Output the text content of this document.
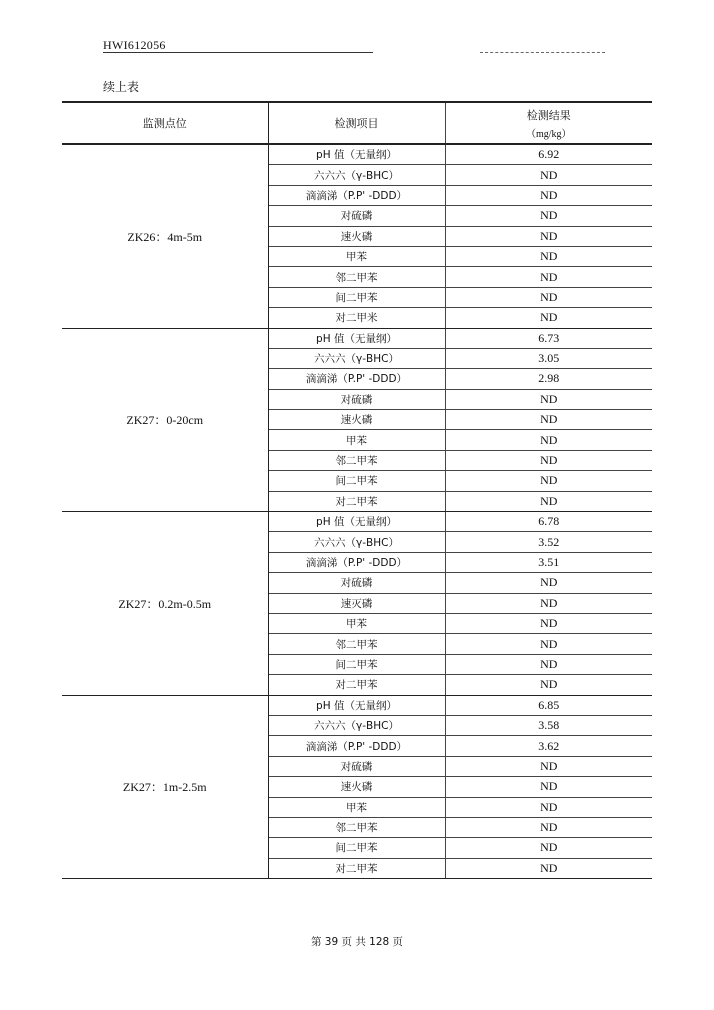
HWI612056
续上表
监测点位	检测项目	检测结果
（mg/kg）

ZK26：4m-5m	pH 值（无量纲）	6.92
	六六六（γ-BHC）	ND
	滴滴涕（P.P' -DDD）	ND
	对硫磷	ND
	速火磷	ND
	甲苯	ND
	邻二甲苯	ND
	间二甲苯	ND
	对二甲米	ND
ZK27：0-20cm	pH 值（无量纲）	6.73
	六六六（γ-BHC）	3.05
	滴滴涕（P.P' -DDD）	2.98
	对硫磷	ND
	速火磷	ND
	甲苯	ND
	邻二甲苯	ND
	间二甲苯	ND
	对二甲苯	ND
ZK27：0.2m-0.5m	pH 值（无量纲）	6.78
	六六六（γ-BHC）	3.52
	滴滴涕（P.P' -DDD）	3.51
	对硫磷	ND
	速灭磷	ND
	甲苯	ND
	邻二甲苯	ND
	间二甲苯	ND
	对二甲苯	ND
ZK27：1m-2.5m	pH 值（无量纲）	6.85
	六六六（γ-BHC）	3.58
	滴滴涕（P.P' -DDD）	3.62
	对硫磷	ND
	速火磷	ND
	甲苯	ND
	邻二甲苯	ND
	间二甲苯	ND
	对二甲苯	ND
第 39 页 共 128 页
